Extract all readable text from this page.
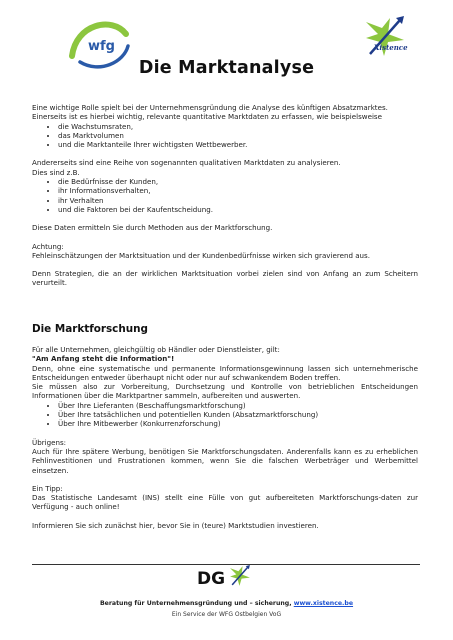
wfg	Xistence
Die Marktanalyse

Eine wichtige Rolle spielt bei der Unternehmensgründung die Analyse des künftigen Absatzmarktes.

Einerseits ist es hierbei wichtig, relevante quantitative Marktdaten zu erfassen, wie beispielsweise

• die Wachstumsraten,
• das Marktvolumen
• und die Marktanteile Ihrer wichtigsten Wettbewerber.

Andererseits sind eine Reihe von sogenannten qualitativen Marktdaten zu analysieren.

Dies sind z.B.

• die Bedürfnisse der Kunden,
• ihr Informationsverhalten,
• ihr Verhalten
• und die Faktoren bei der Kaufentscheidung.

Diese Daten ermitteln Sie durch Methoden aus der Marktforschung.

Achtung:

Fehleinschätzungen der Marktsituation und der Kundenbedürfnisse wirken sich gravierend aus.

Denn Strategien, die an der wirklichen Marktsituation vorbei zielen sind von Anfang an zum Scheitern verurteilt.

Die Marktforschung

Für alle Unternehmen, gleichgültig ob Händler oder Dienstleister, gilt:

"Am Anfang steht die Information"!

Denn, ohne eine systematische und permanente Informationsgewinnung lassen sich unternehmerische Entscheidungen entweder überhaupt nicht oder nur auf schwankendem Boden treffen.

Sie müssen also zur Vorbereitung, Durchsetzung und Kontrolle von betrieblichen Entscheidungen Informationen über die Marktpartner sammeln, aufbereiten und auswerten.

• Über Ihre Lieferanten (Beschaffungsmarktforschung)
• Über Ihre tatsächlichen und potentiellen Kunden (Absatzmarktforschung)
• Über Ihre Mitbewerber (Konkurrenzforschung)

Übrigens:

Auch für Ihre spätere Werbung, benötigen Sie Marktforschungsdaten. Anderenfalls kann es zu erheblichen Fehlinvestitionen und Frustrationen kommen, wenn Sie die falschen Werbeträger und Werbemittel einsetzen.

Ein Tipp:

Das Statistische Landesamt (INS) stellt eine Fülle von gut aufbereiteten Marktforschungs-daten zur Verfügung - auch online!

Informieren Sie sich zunächst hier, bevor Sie in (teure) Marktstudien investieren.

DG
Beratung für Unternehmensgründung und – sicherung, www.xistence.be
Ein Service der WFG Ostbelgien VoG
